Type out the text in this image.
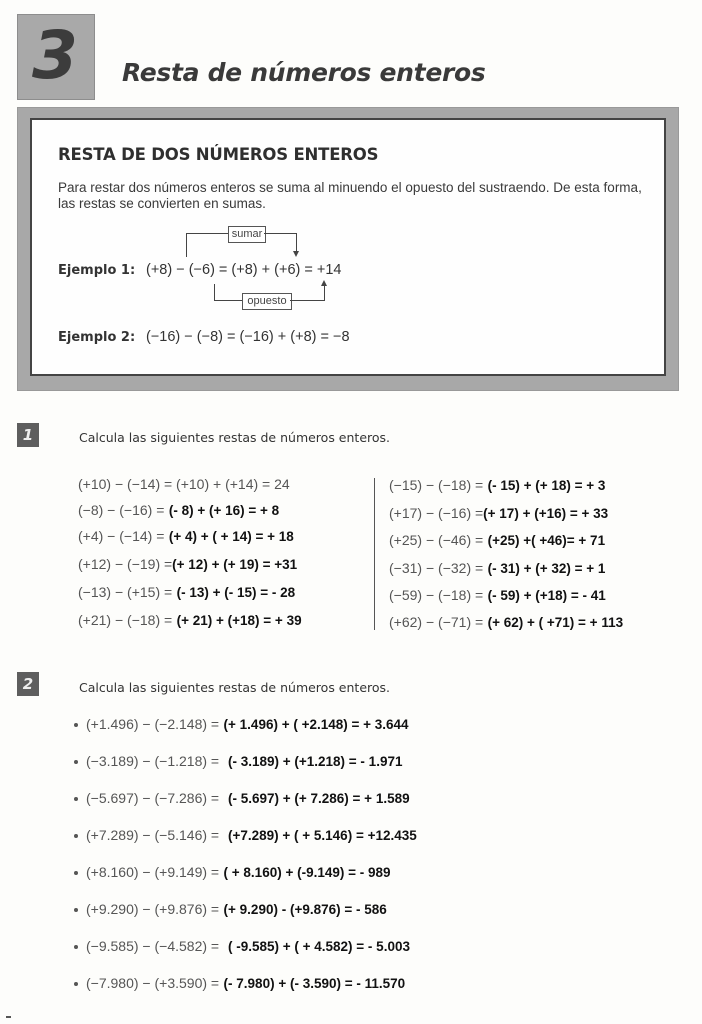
3	Resta de números enteros
RESTA DE DOS NÚMEROS ENTEROS
Para restar dos números enteros se suma al minuendo el opuesto del sustraendo. De esta forma, las restas se convierten en sumas.
sumar
Ejemplo 1: (+8) − (−6) = (+8) + (+6) = +14
opuesto
Ejemplo 2: (−16) − (−8) = (−16) + (+8) = −8
1	Calcula las siguientes restas de números enteros.
(+10) − (−14) = (+10) + (+14) = 24
(−8) − (−16) = (- 8) + (+ 16) = + 8
(+4) − (−14) = (+ 4) + ( + 14) = + 18
(+12) − (−19) =(+ 12) + (+ 19) = +31
(−13) − (+15) = (- 13) + (- 15) = - 28
(+21) − (−18) = (+ 21) + (+18) = + 39
(−15) − (−18) = (- 15) + (+ 18) = + 3
(+17) − (−16) =(+ 17) + (+16) = + 33
(+25) − (−46) = (+25) +( +46)= + 71
(−31) − (−32) = (- 31) + (+ 32) = + 1
(−59) − (−18) = (- 59) + (+18) = - 41
(+62) − (−71) = (+ 62) + ( +71) = + 113
2	Calcula las siguientes restas de números enteros.
(+1.496) − (−2.148) = (+ 1.496) + ( +2.148) = + 3.644
(−3.189) − (−1.218) = (- 3.189) + (+1.218) = - 1.971
(−5.697) − (−7.286) = (- 5.697) + (+ 7.286) = + 1.589
(+7.289) − (−5.146) = (+7.289) + ( + 5.146) = +12.435
(+8.160) − (+9.149) = ( + 8.160) + (-9.149) = - 989
(+9.290) − (+9.876) = (+ 9.290) - (+9.876) = - 586
(−9.585) − (−4.582) = ( -9.585) + ( + 4.582) = - 5.003
(−7.980) − (+3.590) = (- 7.980) + (- 3.590) = - 11.570
